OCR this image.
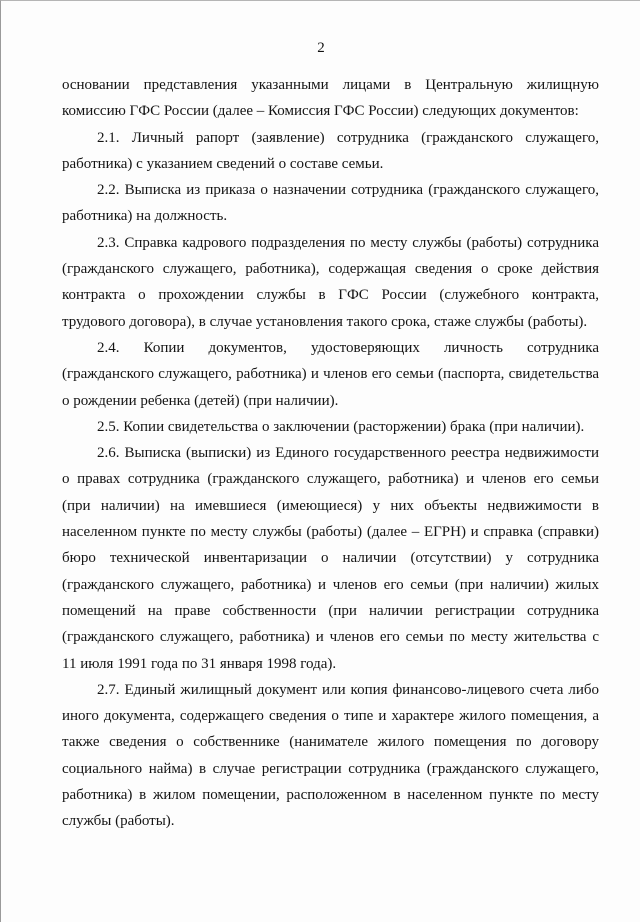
2

основании представления указанными лицами в Центральную жилищную
комиссию ГФС России (далее – Комиссия ГФС России) следующих документов:
2.1. Личный рапорт (заявление) сотрудника (гражданского служащего,
работника) с указанием сведений о составе семьи.
2.2. Выписка из приказа о назначении сотрудника (гражданского служащего,
работника) на должность.
2.3. Справка кадрового подразделения по месту службы (работы) сотрудника
(гражданского служащего, работника), содержащая сведения о сроке действия
контракта о прохождении службы в ГФС России (служебного контракта,
трудового договора), в случае установления такого срока, стаже службы (работы).
2.4. Копии документов, удостоверяющих личность сотрудника
(гражданского служащего, работника) и членов его семьи (паспорта, свидетельства
о рождении ребенка (детей) (при наличии).
2.5. Копии свидетельства о заключении (расторжении) брака (при наличии).
2.6. Выписка (выписки) из Единого государственного реестра недвижимости
о правах сотрудника (гражданского служащего, работника) и членов его семьи
(при наличии) на имевшиеся (имеющиеся) у них объекты недвижимости в
населенном пункте по месту службы (работы) (далее – ЕГРН) и справка (справки)
бюро технической инвентаризации о наличии (отсутствии) у сотрудника
(гражданского служащего, работника) и членов его семьи (при наличии) жилых
помещений на праве собственности (при наличии регистрации сотрудника
(гражданского служащего, работника) и членов его семьи по месту жительства с
11 июля 1991 года по 31 января 1998 года).
2.7. Единый жилищный документ или копия финансово-лицевого счета либо
иного документа, содержащего сведения о типе и характере жилого помещения, а
также сведения о собственнике (нанимателе жилого помещения по договору
социального найма) в случае регистрации сотрудника (гражданского служащего,
работника) в жилом помещении, расположенном в населенном пункте по месту
службы (работы).
